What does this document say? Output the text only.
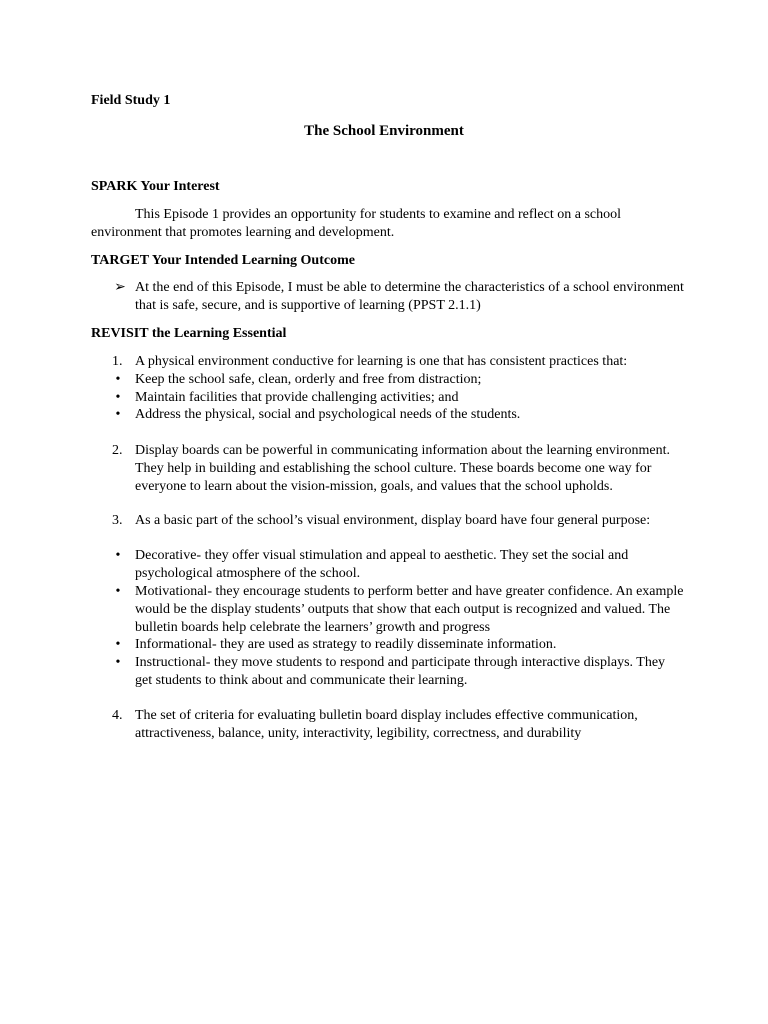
Field Study 1
The School Environment
SPARK Your Interest
This Episode 1 provides an opportunity for students to examine and reflect on a school environment that promotes learning and development.
TARGET Your Intended Learning Outcome
➢ At the end of this Episode, I must be able to determine the characteristics of a school environment that is safe, secure, and is supportive of learning (PPST 2.1.1)
REVISIT the Learning Essential
1. A physical environment conductive for learning is one that has consistent practices that:
•	Keep the school safe, clean, orderly and free from distraction;
•	Maintain facilities that provide challenging activities; and
•	Address the physical, social and psychological needs of the students.
2. Display boards can be powerful in communicating information about the learning environment. They help in building and establishing the school culture. These boards become one way for everyone to learn about the vision-mission, goals, and values that the school upholds.
3. As a basic part of the school’s visual environment, display board have four general purpose:
•	Decorative- they offer visual stimulation and appeal to aesthetic. They set the social and psychological atmosphere of the school.
•	Motivational- they encourage students to perform better and have greater confidence. An example would be the display students’ outputs that show that each output is recognized and valued. The bulletin boards help celebrate the learners’ growth and progress
•	Informational- they are used as strategy to readily disseminate information.
•	Instructional- they move students to respond and participate through interactive displays. They get students to think about and communicate their learning.
4. The set of criteria for evaluating bulletin board display includes effective communication, attractiveness, balance, unity, interactivity, legibility, correctness, and durability
